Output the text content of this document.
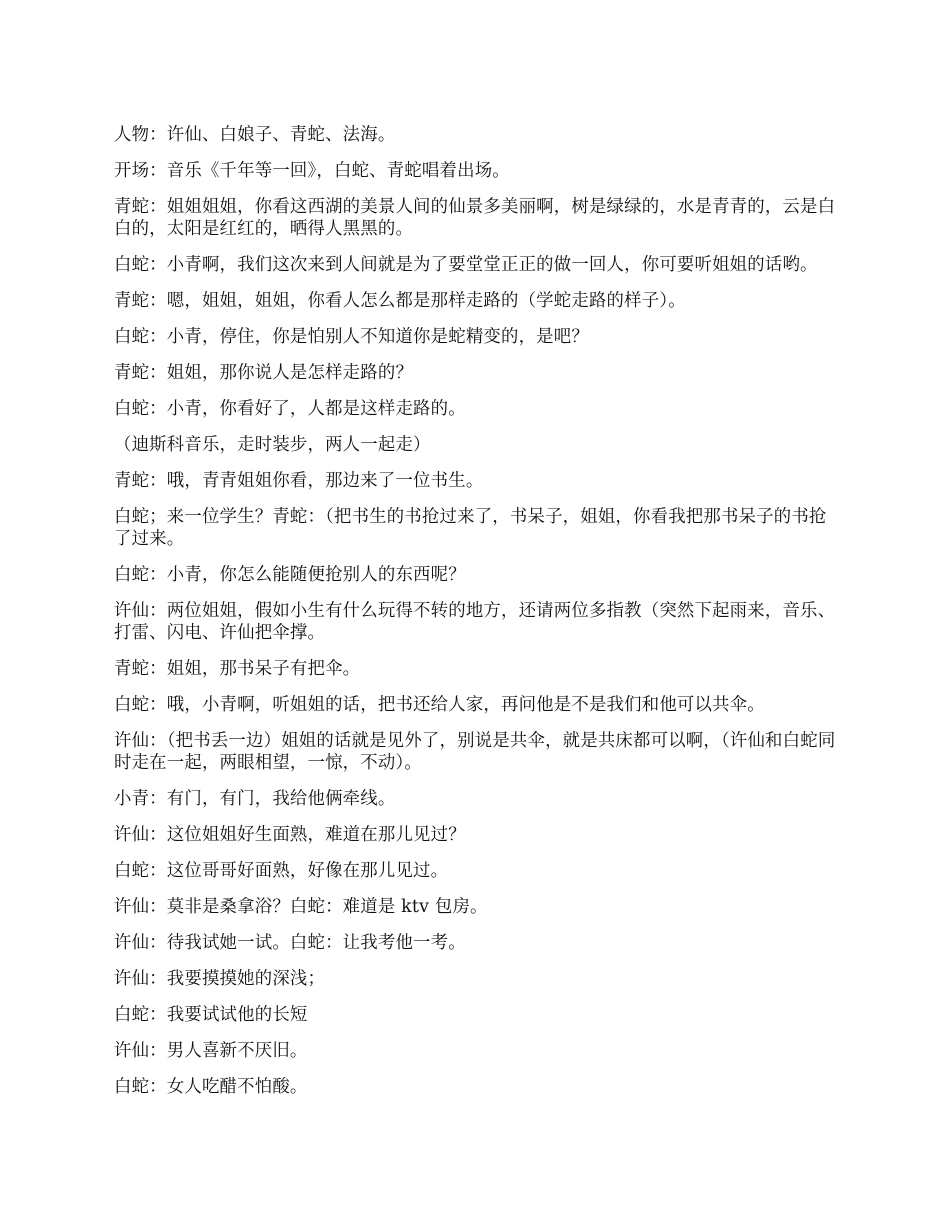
人物：许仙、白娘子、青蛇、法海。

开场：音乐《千年等一回》，白蛇、青蛇唱着出场。

青蛇：姐姐姐姐，你看这西湖的美景人间的仙景多美丽啊，树是绿绿的，水是青青的，云是白白的，太阳是红红的，晒得人黑黑的。

白蛇：小青啊，我们这次来到人间就是为了要堂堂正正的做一回人，你可要听姐姐的话哟。

青蛇：嗯，姐姐，姐姐，你看人怎么都是那样走路的（学蛇走路的样子）。

白蛇：小青，停住，你是怕别人不知道你是蛇精变的，是吧？

青蛇：姐姐，那你说人是怎样走路的？

白蛇：小青，你看好了，人都是这样走路的。

（迪斯科音乐，走时装步，两人一起走）

青蛇：哦，青青姐姐你看，那边来了一位书生。

白蛇；来一位学生？青蛇：（把书生的书抢过来了，书呆子，姐姐，你看我把那书呆子的书抢了过来。

白蛇：小青，你怎么能随便抢别人的东西呢？

许仙：两位姐姐，假如小生有什么玩得不转的地方，还请两位多指教（突然下起雨来，音乐、打雷、闪电、许仙把伞撑。

青蛇：姐姐，那书呆子有把伞。

白蛇：哦，小青啊，听姐姐的话，把书还给人家，再问他是不是我们和他可以共伞。

许仙：（把书丢一边）姐姐的话就是见外了，别说是共伞，就是共床都可以啊，（许仙和白蛇同时走在一起，两眼相望，一惊，不动）。

小青：有门，有门，我给他俩牵线。

许仙：这位姐姐好生面熟，难道在那儿见过？

白蛇：这位哥哥好面熟，好像在那儿见过。

许仙：莫非是桑拿浴？白蛇：难道是 ktv 包房。

许仙：待我试她一试。白蛇：让我考他一考。

许仙：我要摸摸她的深浅；

白蛇：我要试试他的长短

许仙：男人喜新不厌旧。

白蛇：女人吃醋不怕酸。
